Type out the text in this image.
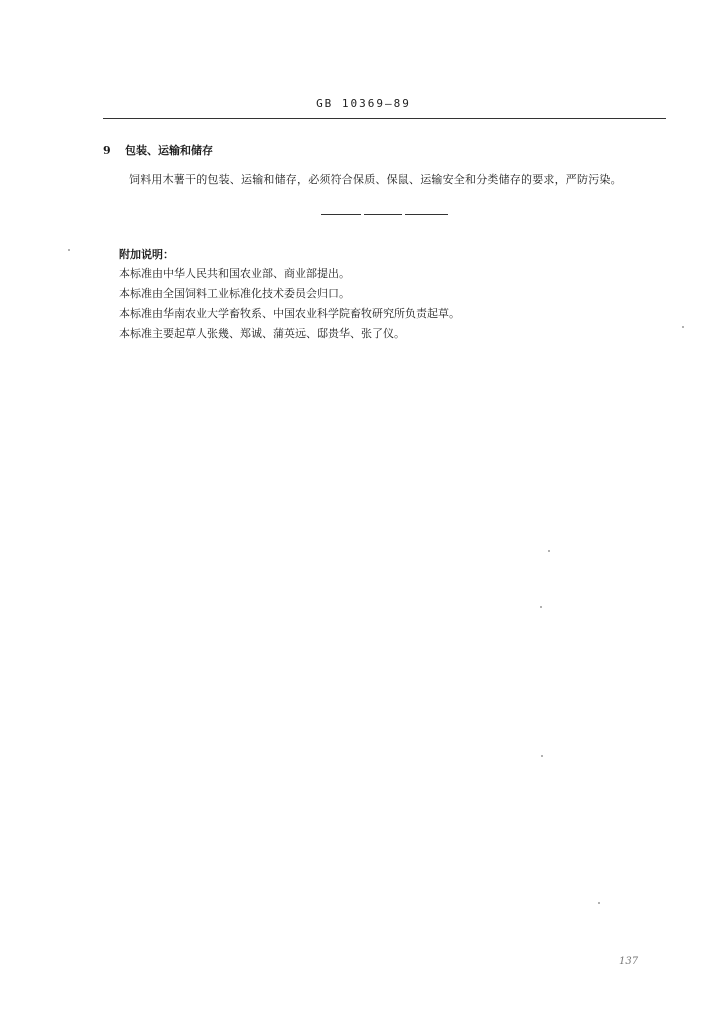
GB 10369—89
9 包装、运输和储存
饲料用木薯干的包装、运输和储存，必须符合保质、保鼠、运输安全和分类储存的要求，严防污染。
附加说明：
本标准由中华人民共和国农业部、商业部提出。
本标准由全国饲料工业标准化技术委员会归口。
本标准由华南农业大学畜牧系、中国农业科学院畜牧研究所负责起草。
本标准主要起草人张幾、郑诚、蒲英远、邸贵华、张了仪。
137
